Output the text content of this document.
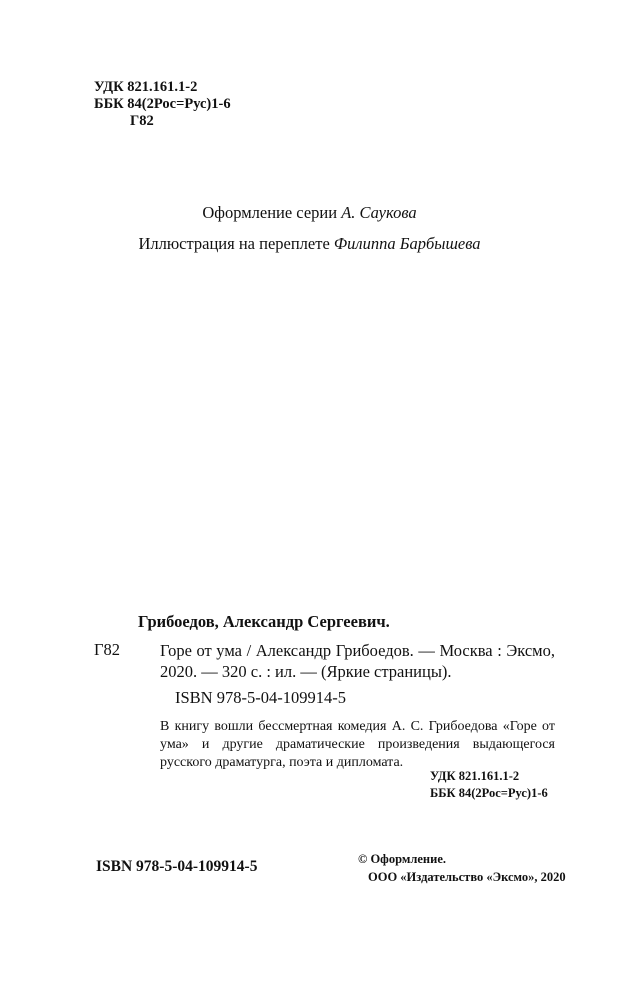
УДК 821.161.1-2
ББК 84(2Рос=Рус)1-6
Г82
Оформление серии А. Саукова
Иллюстрация на переплете Филиппа Барбышева
Грибоедов, Александр Сергеевич.
Г82 Горе от ума / Александр Грибоедов. — Москва : Эксмо, 2020. — 320 с. : ил. — (Яркие страницы).
ISBN 978-5-04-109914-5
В книгу вошли бессмертная комедия А. С. Грибоедова «Горе от ума» и другие драматические произведения выдающегося русского драматурга, поэта и дипломата.
УДК 821.161.1-2
ББК 84(2Рос=Рус)1-6
ISBN 978-5-04-109914-5	© Оформление.
ООО «Издательство «Эксмо», 2020
